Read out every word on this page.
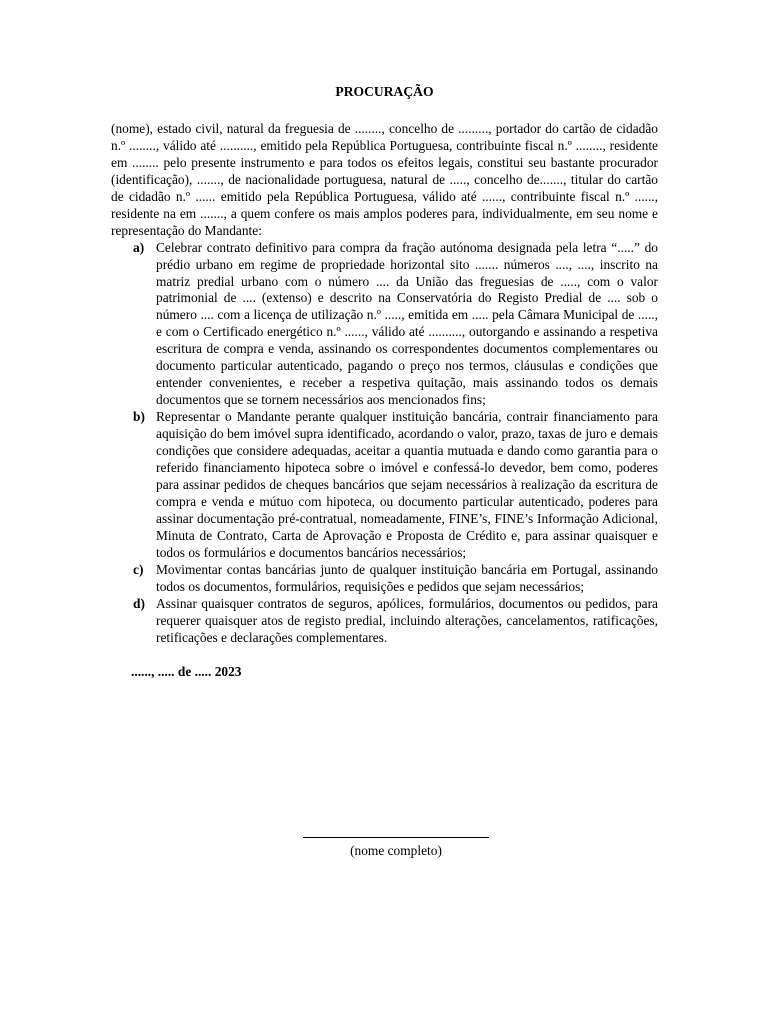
PROCURAÇÃO

(nome), estado civil, natural da freguesia de ........, concelho de ........., portador do cartão de cidadão n.º ........, válido até .........., emitido pela República Portuguesa, contribuinte fiscal n.º ........, residente em ........ pelo presente instrumento e para todos os efeitos legais, constitui seu bastante procurador (identificação), ......., de nacionalidade portuguesa, natural de ....., concelho de......., titular do cartão de cidadão n.º ...... emitido pela República Portuguesa, válido até ......, contribuinte fiscal n.º ......, residente na em ......., a quem confere os mais amplos poderes para, individualmente, em seu nome e representação do Mandante:

a) Celebrar contrato definitivo para compra da fração autónoma designada pela letra “.....” do prédio urbano em regime de propriedade horizontal sito ....... números ...., ...., inscrito na matriz predial urbano com o número .... da União das freguesias de ....., com o valor patrimonial de .... (extenso) e descrito na Conservatória do Registo Predial de .... sob o número .... com a licença de utilização n.º ....., emitida em ..... pela Câmara Municipal de ....., e com o Certificado energético n.º ......, válido até .........., outorgando e assinando a respetiva escritura de compra e venda, assinando os correspondentes documentos complementares ou documento particular autenticado, pagando o preço nos termos, cláusulas e condições que entender convenientes, e receber a respetiva quitação, mais assinando todos os demais documentos que se tornem necessários aos mencionados fins;
b) Representar o Mandante perante qualquer instituição bancária, contrair financiamento para aquisição do bem imóvel supra identificado, acordando o valor, prazo, taxas de juro e demais condições que considere adequadas, aceitar a quantia mutuada e dando como garantia para o referido financiamento hipoteca sobre o imóvel e confessá-lo devedor, bem como, poderes para assinar pedidos de cheques bancários que sejam necessários à realização da escritura de compra e venda e mútuo com hipoteca, ou documento particular autenticado, poderes para assinar documentação pré-contratual, nomeadamente, FINE’s, FINE’s Informação Adicional, Minuta de Contrato, Carta de Aprovação e Proposta de Crédito e, para assinar quaisquer e todos os formulários e documentos bancários necessários;
c) Movimentar contas bancárias junto de qualquer instituição bancária em Portugal, assinando todos os documentos, formulários, requisições e pedidos que sejam necessários;
d) Assinar quaisquer contratos de seguros, apólices, formulários, documentos ou pedidos, para requerer quaisquer atos de registo predial, incluindo alterações, cancelamentos, ratificações, retificações e declarações complementares.
......, ..... de ..... 2023
(nome completo)
